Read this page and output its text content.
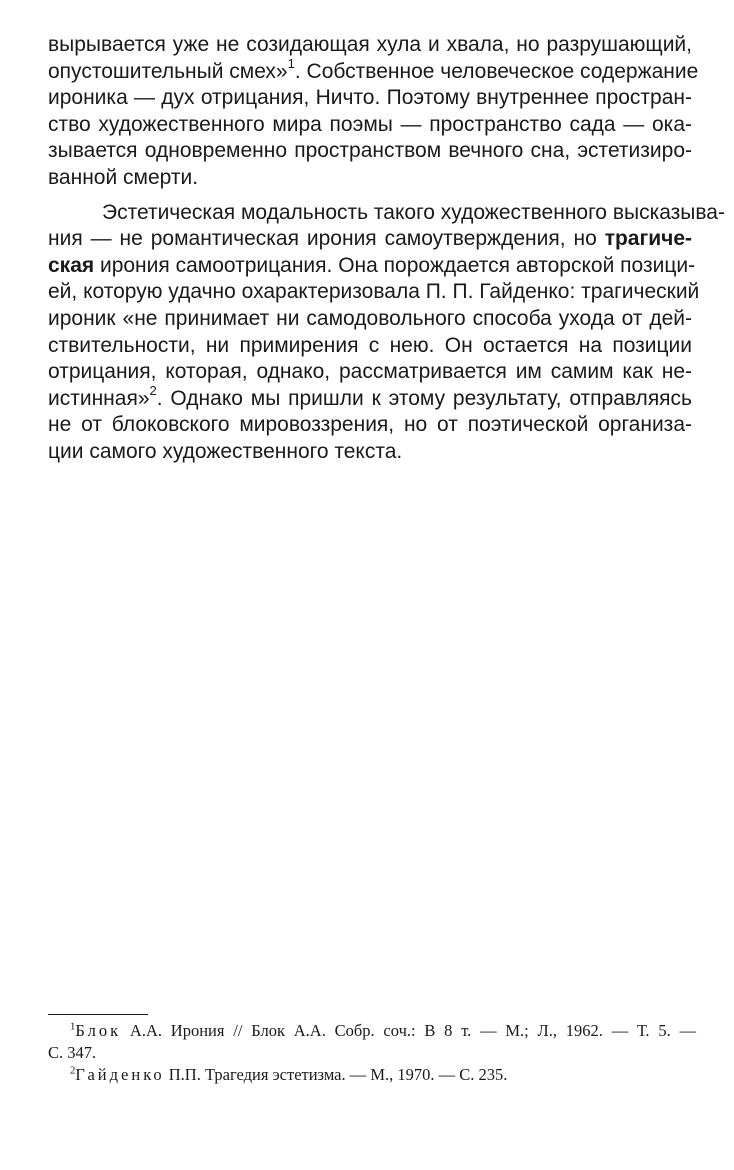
вырывается уже не созидающая хула и хвала, но разрушающий,
опустошительный смех»$^1$. Собственное человеческое содержание
ироника — дух отрицания, Ничто. Поэтому внутреннее простран-
ство художественного мира поэмы — пространство сада — ока-
зывается одновременно пространством вечного сна, эстетизиро-
ванной смерти.
Эстетическая модальность такого художественного высказыва-
ния — не романтическая ирония самоутверждения, но трагиче-
ская ирония самоотрицания. Она порождается авторской позици-
ей, которую удачно охарактеризовала П. П. Гайденко: трагический
ироник «не принимает ни самодовольного способа ухода от дей-
ствительности, ни примирения с нею. Он остается на позиции
отрицания, которая, однако, рассматривается им самим как не-
истинная»$^2$. Однако мы пришли к этому результату, отправляясь
не от блоковского мировоззрения, но от поэтической организа-
ции самого художественного текста.
$^1$Блок А.А. Ирония // Блок А.А. Собр. соч.: В 8 т. — М.; Л., 1962. — Т. 5. —
С. 347.
$^2$Гайденко П.П. Трагедия эстетизма. — М., 1970. — С. 235.
